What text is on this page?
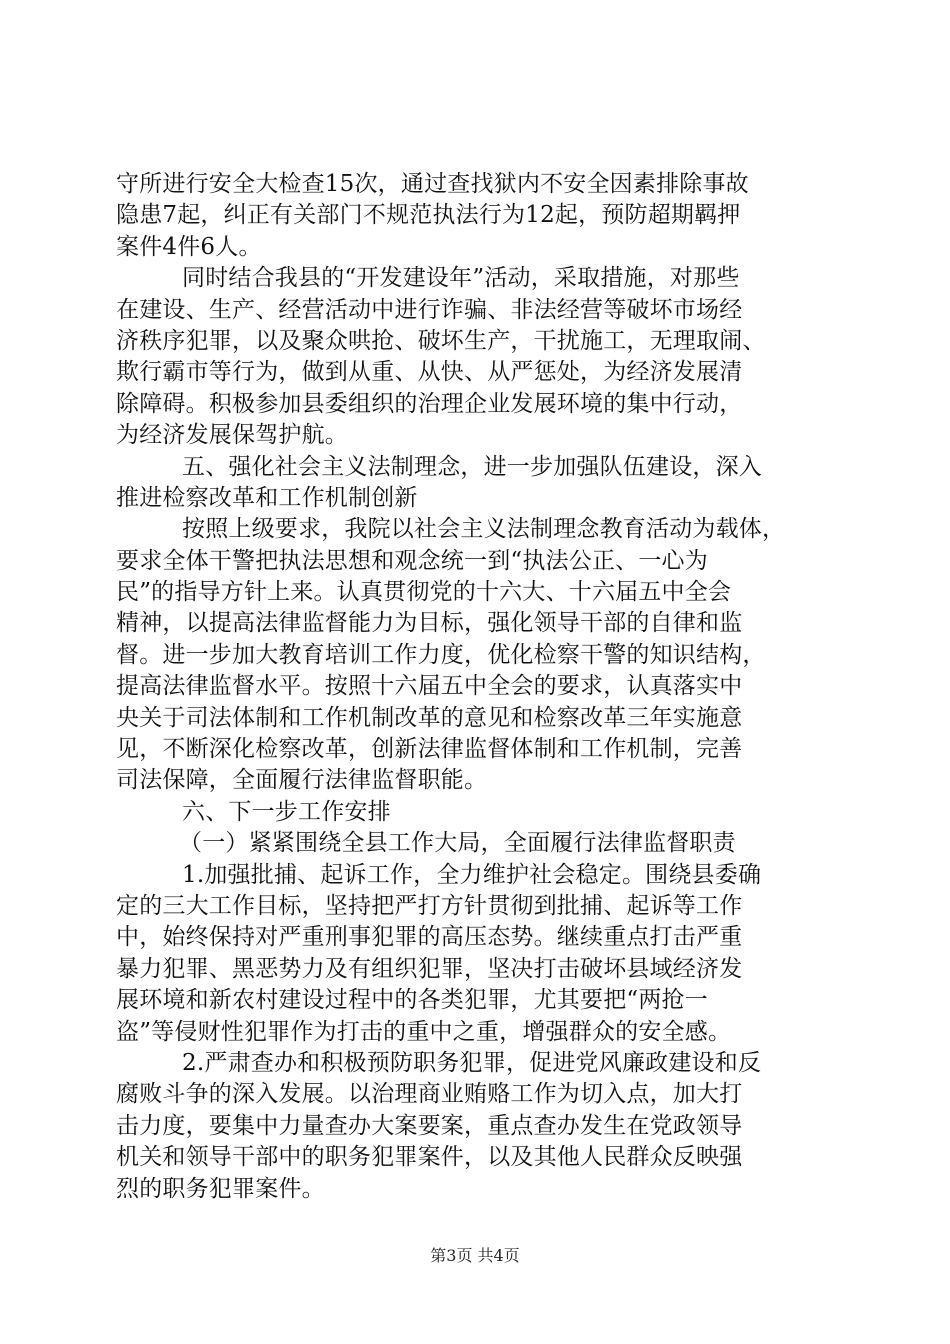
守所进行安全大检查15次，通过查找狱内不安全因素排除事故
隐患7起，纠正有关部门不规范执法行为12起，预防超期羁押
案件4件6人。
同时结合我县的“开发建设年”活动，采取措施，对那些
在建设、生产、经营活动中进行诈骗、非法经营等破坏市场经
济秩序犯罪，以及聚众哄抢、破坏生产，干扰施工，无理取闹、
欺行霸市等行为，做到从重、从快、从严惩处，为经济发展清
除障碍。积极参加县委组织的治理企业发展环境的集中行动，
为经济发展保驾护航。
五、强化社会主义法制理念，进一步加强队伍建设，深入
推进检察改革和工作机制创新
按照上级要求，我院以社会主义法制理念教育活动为载体，
要求全体干警把执法思想和观念统一到“执法公正、一心为
民”的指导方针上来。认真贯彻党的十六大、十六届五中全会
精神，以提高法律监督能力为目标，强化领导干部的自律和监
督。进一步加大教育培训工作力度，优化检察干警的知识结构，
提高法律监督水平。按照十六届五中全会的要求，认真落实中
央关于司法体制和工作机制改革的意见和检察改革三年实施意
见，不断深化检察改革，创新法律监督体制和工作机制，完善
司法保障，全面履行法律监督职能。
六、下一步工作安排
（一）紧紧围绕全县工作大局，全面履行法律监督职责
1.加强批捕、起诉工作，全力维护社会稳定。围绕县委确
定的三大工作目标，坚持把严打方针贯彻到批捕、起诉等工作
中，始终保持对严重刑事犯罪的高压态势。继续重点打击严重
暴力犯罪、黑恶势力及有组织犯罪，坚决打击破坏县域经济发
展环境和新农村建设过程中的各类犯罪，尤其要把“两抢一
盗”等侵财性犯罪作为打击的重中之重，增强群众的安全感。
2.严肃查办和积极预防职务犯罪，促进党风廉政建设和反
腐败斗争的深入发展。以治理商业贿赂工作为切入点，加大打
击力度，要集中力量查办大案要案，重点查办发生在党政领导
机关和领导干部中的职务犯罪案件，以及其他人民群众反映强
烈的职务犯罪案件。
第3页 共4页
